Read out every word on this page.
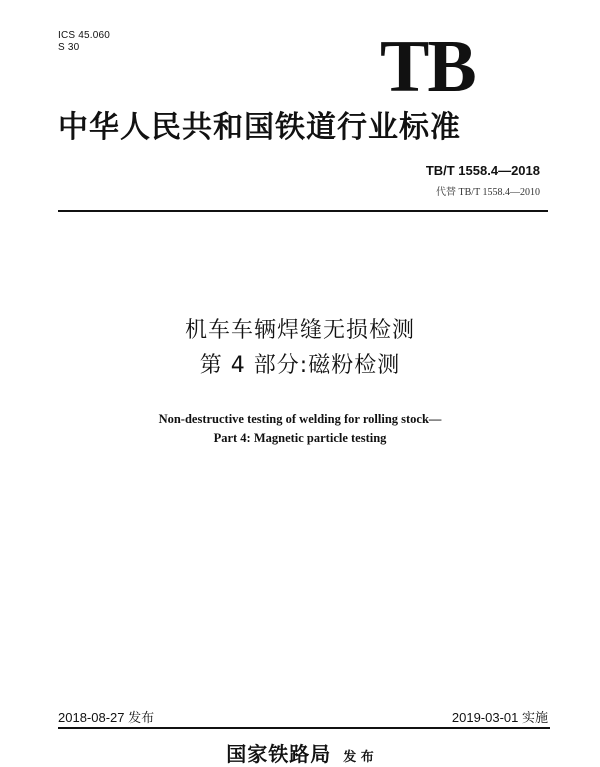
ICS 45.060
S 30	TB
中华人民共和国铁道行业标准
TB/T 1558.4—2018
代替 TB/T 1558.4—2010
机车车辆焊缝无损检测
第 4 部分:磁粉检测
Non-destructive testing of welding for rolling stock—
Part 4: Magnetic particle testing
2018-08-27 发布	2019-03-01 实施
国家铁路局 发 布
